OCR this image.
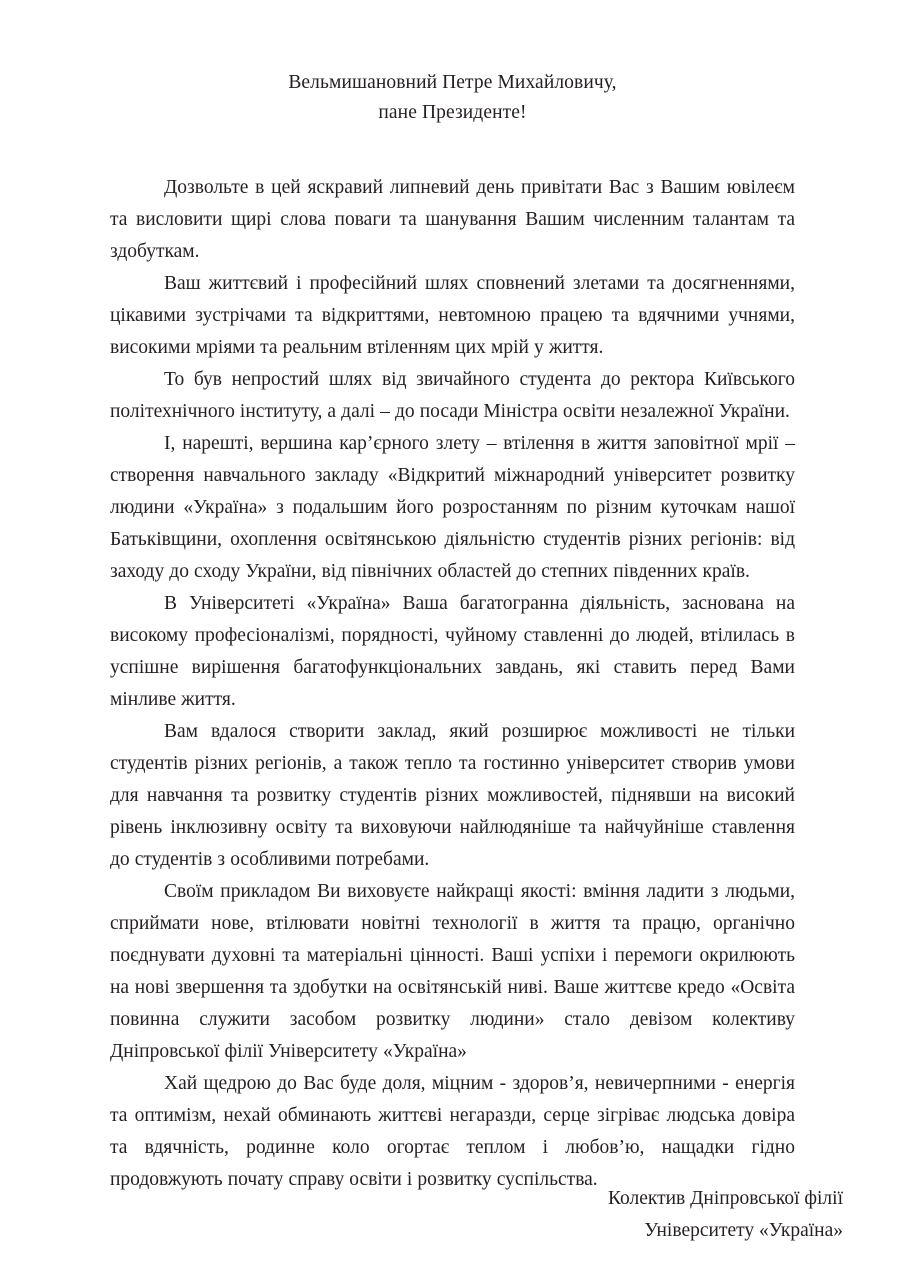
Вельмишановний Петре Михайловичу,
пане Президенте!

Дозвольте в цей яскравий липневий день привітати Вас з Вашим ювілеєм та висловити щирі слова поваги та шанування Вашим численним талантам та здобуткам.

Ваш життєвий і професійний шлях сповнений злетами та досягненнями, цікавими зустрічами та відкриттями, невтомною працею та вдячними учнями, високими мріями та реальним втіленням цих мрій у життя.

То був непростий шлях від звичайного студента до ректора Київського політехнічного інституту, а далі – до посади Міністра освіти незалежної України.

І, нарешті, вершина кар’єрного злету – втілення в життя заповітної мрії – створення навчального закладу «Відкритий міжнародний університет розвитку людини «Україна» з подальшим його розростанням по різним куточкам нашої Батьківщини, охоплення освітянською діяльністю студентів різних регіонів: від заходу до сходу України, від північних областей до степних південних країв.

В Університеті «Україна» Ваша багатогранна діяльність, заснована на високому професіоналізмі, порядності, чуйному ставленні до людей, втілилась в успішне вирішення багатофункціональних завдань, які ставить перед Вами мінливе життя.

Вам вдалося створити заклад, який розширює можливості не тільки студентів різних регіонів, а також тепло та гостинно університет створив умови для навчання та розвитку студентів різних можливостей, піднявши на високий рівень інклюзивну освіту та виховуючи найлюдяніше та найчуйніше ставлення до студентів з особливими потребами.

Своїм прикладом Ви виховуєте найкращі якості: вміння ладити з людьми, сприймати нове, втілювати новітні технології в життя та працю, органічно поєднувати духовні та матеріальні цінності. Ваші успіхи і перемоги окрилюють на нові звершення та здобутки на освітянській ниві. Ваше життєве кредо «Освіта повинна служити засобом розвитку людини» стало девізом колективу Дніпровської філії Університету «Україна»

Хай щедрою до Вас буде доля, міцним - здоров’я, невичерпними - енергія та оптимізм, нехай обминають життєві негаразди, серце зігріває людська довіра та вдячність, родинне коло огортає теплом і любов’ю, нащадки гідно продовжують почату справу освіти і розвитку суспільства.

Колектив Дніпровської філії
Університету «Україна»
